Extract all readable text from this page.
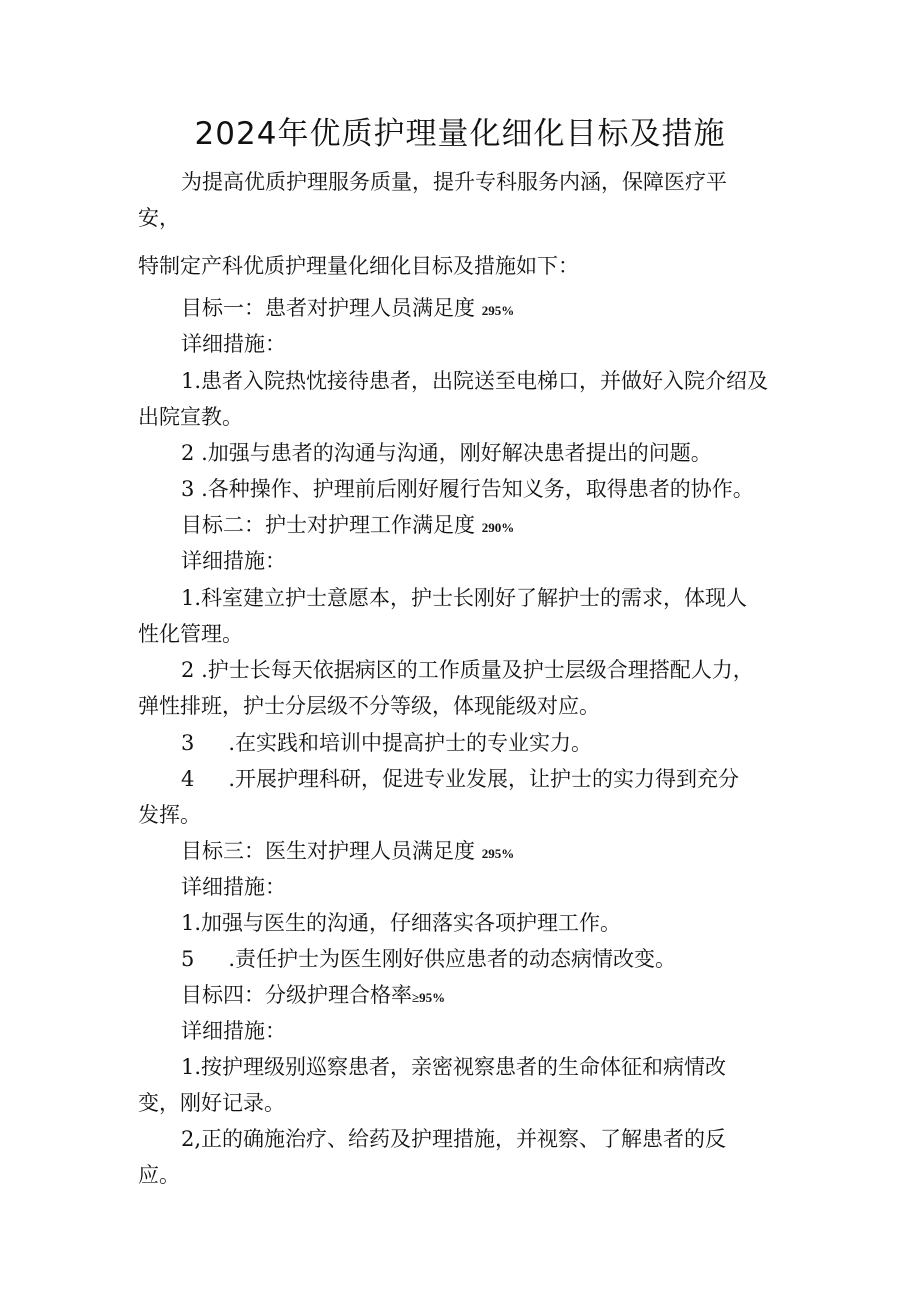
2024年优质护理量化细化目标及措施
为提高优质护理服务质量，提升专科服务内涵，保障医疗平
安，
特制定产科优质护理量化细化目标及措施如下：
目标一：患者对护理人员满足度 295%
详细措施：
1.患者入院热忱接待患者，出院送至电梯口，并做好入院介绍及
出院宣教。
2 .加强与患者的沟通与沟通，刚好解决患者提出的问题。
3 .各种操作、护理前后刚好履行告知义务，取得患者的协作。
目标二：护士对护理工作满足度 290%
详细措施：
1.科室建立护士意愿本，护士长刚好了解护士的需求，体现人
性化管理。
2 .护士长每天依据病区的工作质量及护士层级合理搭配人力，
弹性排班，护士分层级不分等级，体现能级对应。
3 .在实践和培训中提高护士的专业实力。
4 .开展护理科研，促进专业发展，让护士的实力得到充分
发挥。
目标三：医生对护理人员满足度 295%
详细措施：
1.加强与医生的沟通，仔细落实各项护理工作。
5 .责任护士为医生刚好供应患者的动态病情改变。
目标四：分级护理合格率≥95%
详细措施：
1.按护理级别巡察患者，亲密视察患者的生命体征和病情改
变，刚好记录。
2,正的确施治疗、给药及护理措施，并视察、了解患者的反
应。
